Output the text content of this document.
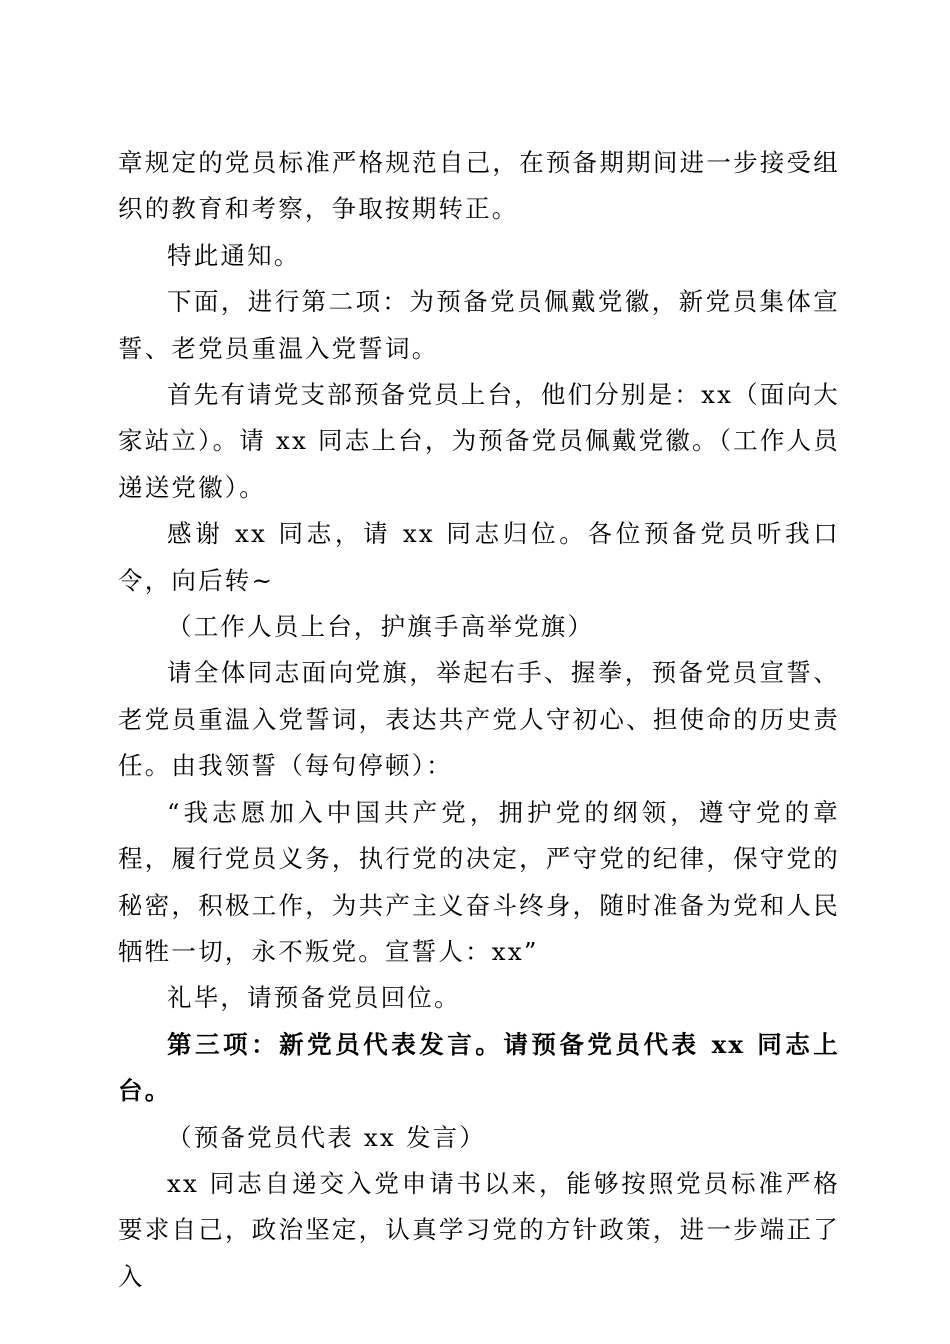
章规定的党员标准严格规范自己，在预备期期间进一步接受组织的教育和考察，争取按期转正。

特此通知。

下面，进行第二项：为预备党员佩戴党徽，新党员集体宣誓、老党员重温入党誓词。

首先有请党支部预备党员上台，他们分别是：xx（面向大家站立）。请 xx 同志上台，为预备党员佩戴党徽。（工作人员递送党徽）。

感谢 xx 同志，请 xx 同志归位。各位预备党员听我口令，向后转~

（工作人员上台，护旗手高举党旗）

请全体同志面向党旗，举起右手、握拳，预备党员宣誓、老党员重温入党誓词，表达共产党人守初心、担使命的历史责任。由我领誓（每句停顿）：

“我志愿加入中国共产党，拥护党的纲领，遵守党的章程，履行党员义务，执行党的决定，严守党的纪律，保守党的秘密，积极工作，为共产主义奋斗终身，随时准备为党和人民牺牲一切，永不叛党。宣誓人：xx”

礼毕，请预备党员回位。

第三项：新党员代表发言。请预备党员代表 xx 同志上台。

（预备党员代表 xx 发言）

xx 同志自递交入党申请书以来，能够按照党员标准严格要求自己，政治坚定，认真学习党的方针政策，进一步端正了入
